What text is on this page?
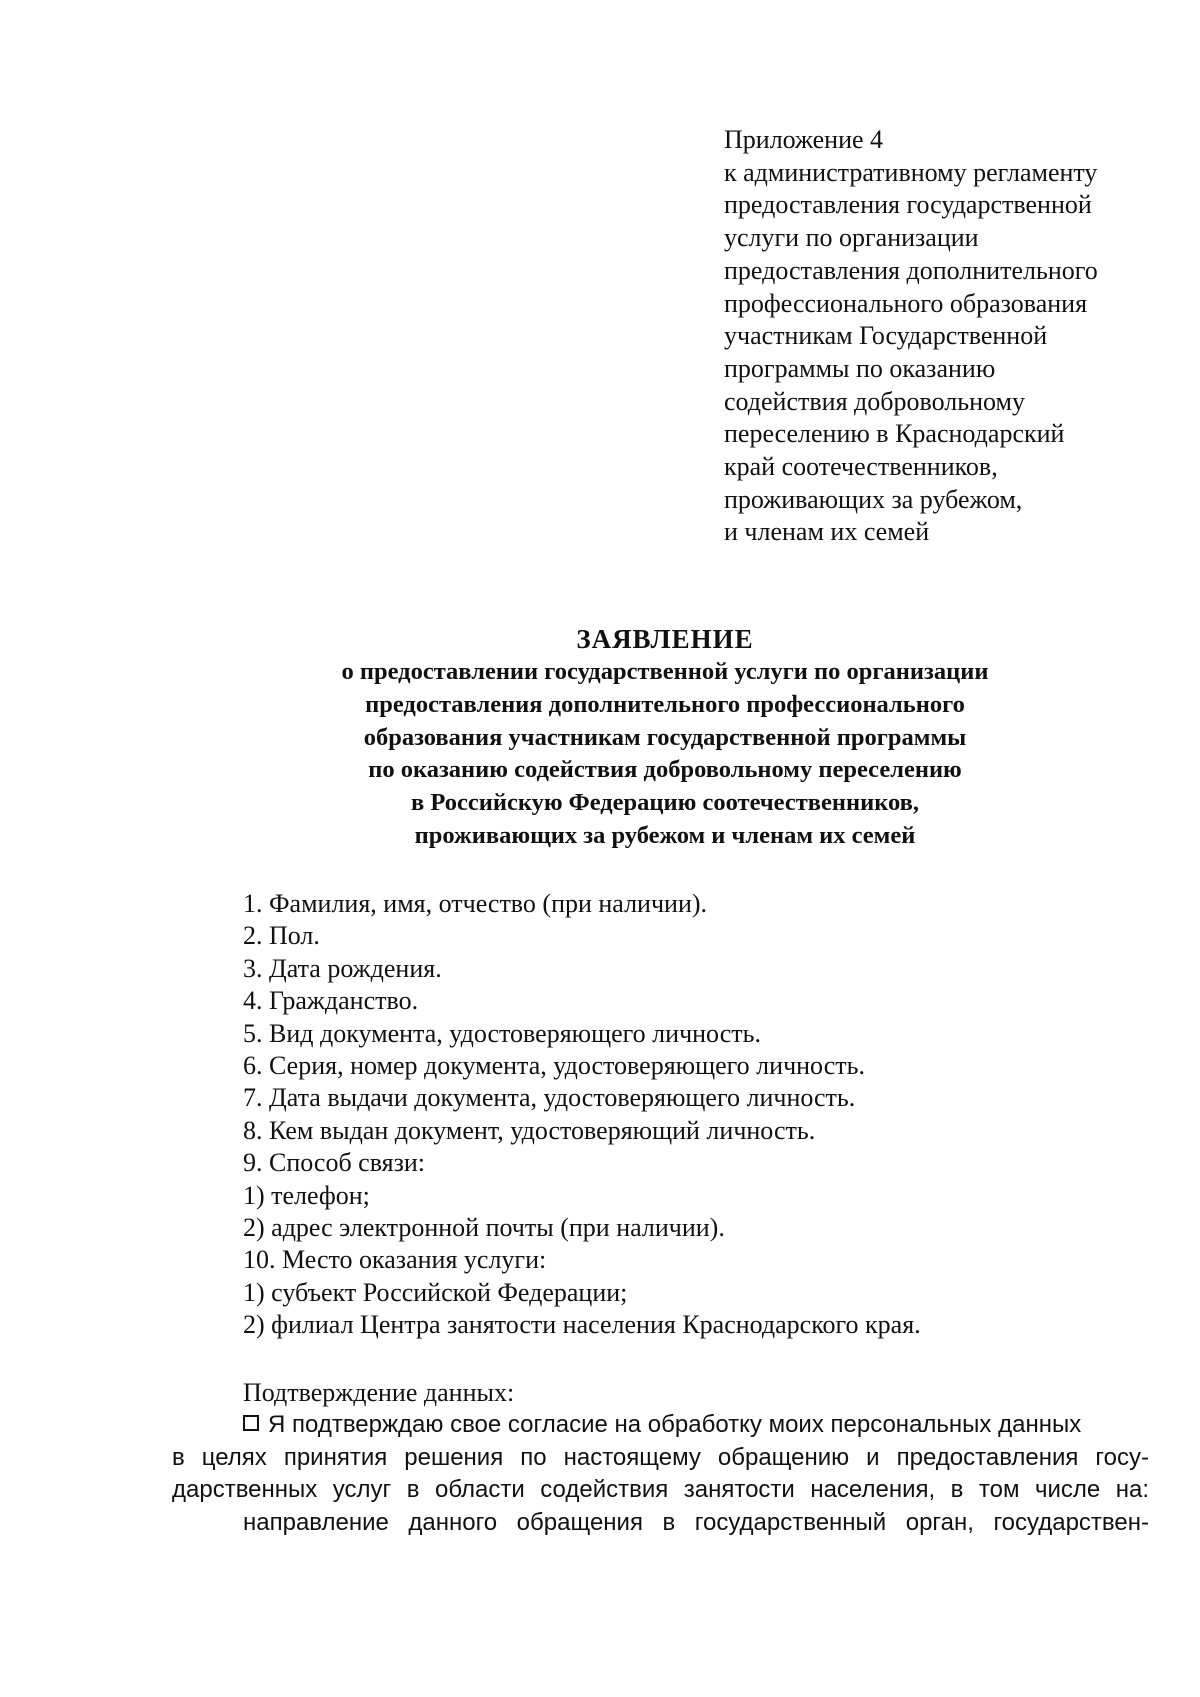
Приложение 4
к административному регламенту
предоставления государственной
услуги по организации
предоставления дополнительного
профессионального образования
участникам Государственной
программы по оказанию
содействия добровольному
переселению в Краснодарский
край соотечественников,
проживающих за рубежом,
и членам их семей
ЗАЯВЛЕНИЕ
о предоставлении государственной услуги по организации
предоставления дополнительного профессионального
образования участникам государственной программы
по оказанию содействия добровольному переселению
в Российскую Федерацию соотечественников,
проживающих за рубежом и членам их семей
1. Фамилия, имя, отчество (при наличии).
2. Пол.
3. Дата рождения.
4. Гражданство.
5. Вид документа, удостоверяющего личность.
6. Серия, номер документа, удостоверяющего личность.
7. Дата выдачи документа, удостоверяющего личность.
8. Кем выдан документ, удостоверяющий личность.
9. Способ связи:
1) телефон;
2) адрес электронной почты (при наличии).
10. Место оказания услуги:
1) субъект Российской Федерации;
2) филиал Центра занятости населения Краснодарского края.
Подтверждение данных:
Я подтверждаю свое согласие на обработку моих персональных данных
в целях принятия решения по настоящему обращению и предоставления госу-
дарственных услуг в области содействия занятости населения, в том числе на:
направление данного обращения в государственный орган, государствен-
